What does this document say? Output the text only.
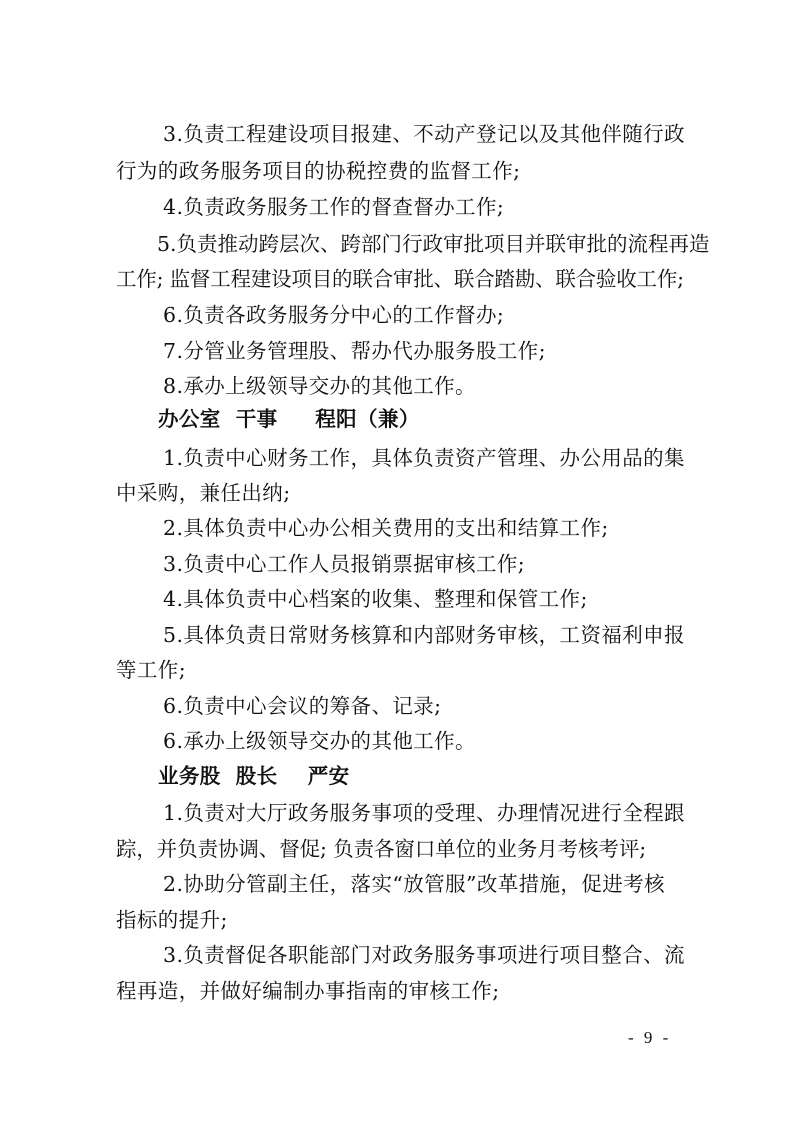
3.负责工程建设项目报建、不动产登记以及其他伴随行政
行为的政务服务项目的协税控费的监督工作;
4.负责政务服务工作的督查督办工作;
5.负责推动跨层次、跨部门行政审批项目并联审批的流程再造
工作; 监督工程建设项目的联合审批、联合踏勘、联合验收工作;
6.负责各政务服务分中心的工作督办;
7.分管业务管理股、帮办代办服务股工作;
8.承办上级领导交办的其他工作。
办公室  干事     程阳（兼）
1.负责中心财务工作，具体负责资产管理、办公用品的集
中采购，兼任出纳;
2.具体负责中心办公相关费用的支出和结算工作;
3.负责中心工作人员报销票据审核工作;
4.具体负责中心档案的收集、整理和保管工作;
5.具体负责日常财务核算和内部财务审核，工资福利申报
等工作;
6.负责中心会议的筹备、记录;
6.承办上级领导交办的其他工作。
业务股  股长    严安
1.负责对大厅政务服务事项的受理、办理情况进行全程跟
踪，并负责协调、督促; 负责各窗口单位的业务月考核考评;
2.协助分管副主任，落实“放管服”改革措施，促进考核
指标的提升;
3.负责督促各职能部门对政务服务事项进行项目整合、流
程再造，并做好编制办事指南的审核工作;
- 9 -
